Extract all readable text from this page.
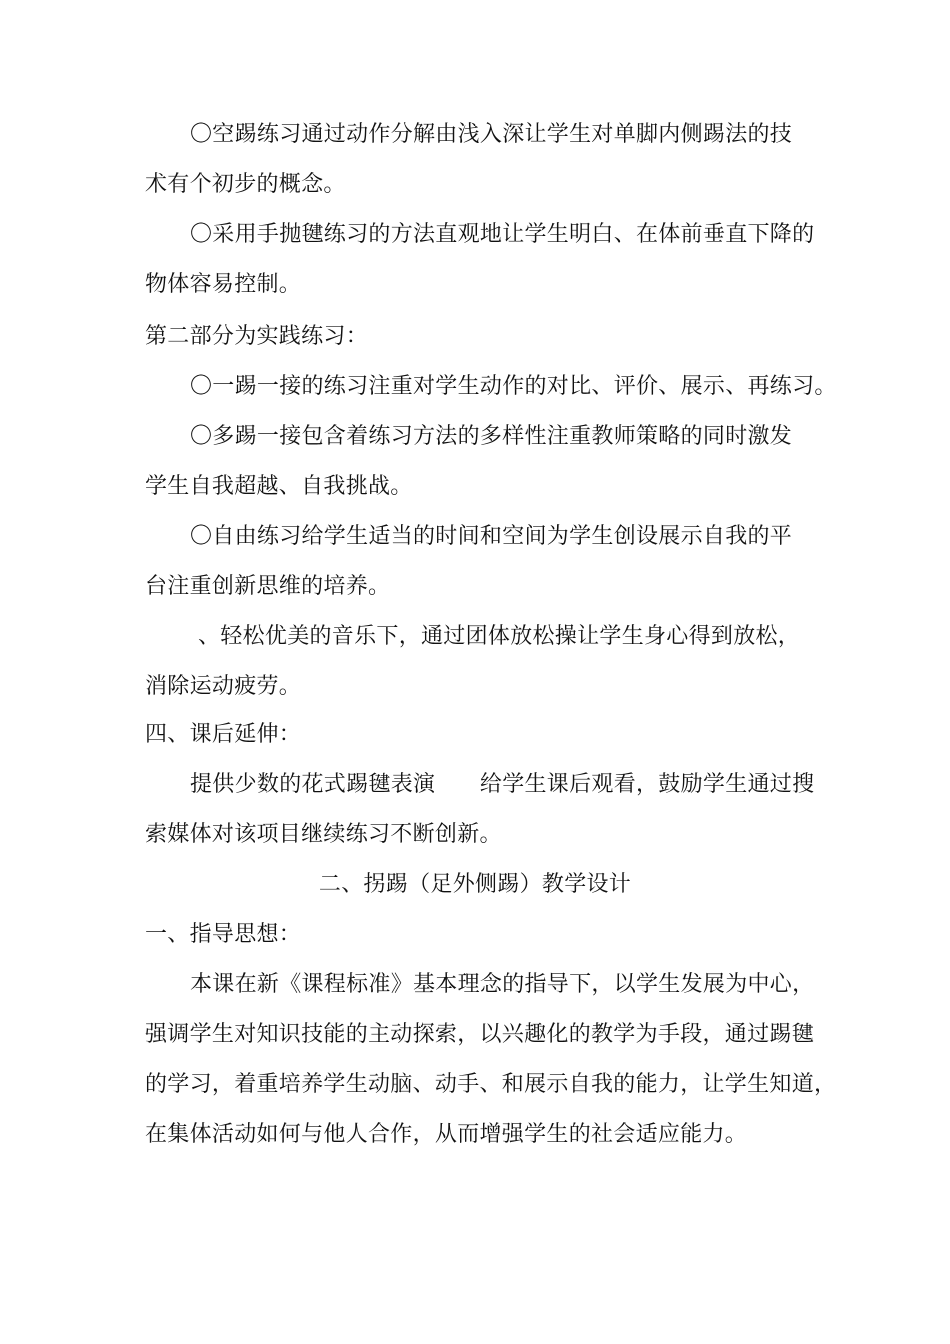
〇空踢练习通过动作分解由浅入深让学生对单脚内侧踢法的技
术有个初步的概念。
〇采用手抛毽练习的方法直观地让学生明白、在体前垂直下降的
物体容易控制。
第二部分为实践练习：
〇一踢一接的练习注重对学生动作的对比、评价、展示、再练习。
〇多踢一接包含着练习方法的多样性注重教师策略的同时激发
学生自我超越、自我挑战。
〇自由练习给学生适当的时间和空间为学生创设展示自我的平
台注重创新思维的培养。
、轻松优美的音乐下，通过团体放松操让学生身心得到放松，
消除运动疲劳。
四、课后延伸：
提供少数的花式踢毽表演　　给学生课后观看，鼓励学生通过搜
索媒体对该项目继续练习不断创新。
二、拐踢（足外侧踢）教学设计
一、指导思想：
本课在新《课程标准》基本理念的指导下，以学生发展为中心，
强调学生对知识技能的主动探索，以兴趣化的教学为手段，通过踢毽
的学习，着重培养学生动脑、动手、和展示自我的能力，让学生知道，
在集体活动如何与他人合作，从而增强学生的社会适应能力。
